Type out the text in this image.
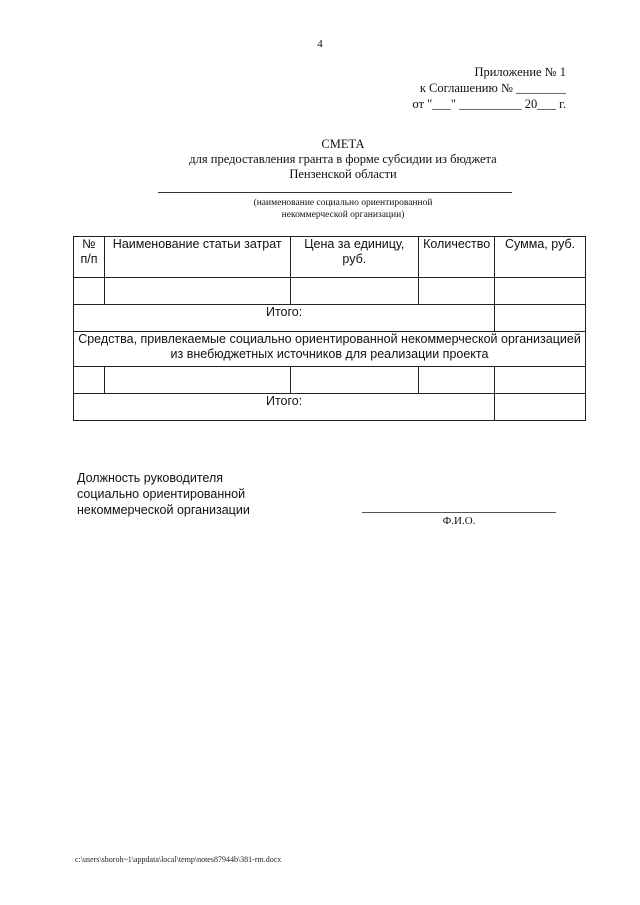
4
Приложение № 1
к Соглашению № ________
от "___" __________ 20___ г.
СМЕТА
для предоставления гранта в форме субсидии из бюджета
Пензенской области
(наименование социально ориентированной
некоммерческой организации)
№ п/п	Наименование статьи затрат	Цена за единицу, руб.	Количество	Сумма, руб.

Итого:				
Средства, привлекаемые социально ориентированной некоммерческой организацией из внебюджетных источников для реализации проекта				

Итого:				
Должность руководителя
социально ориентированной
некоммерческой организации
Ф.И.О.
c:\users\shoroh~1\appdata\local\temp\notes87944b\381-rm.docx
